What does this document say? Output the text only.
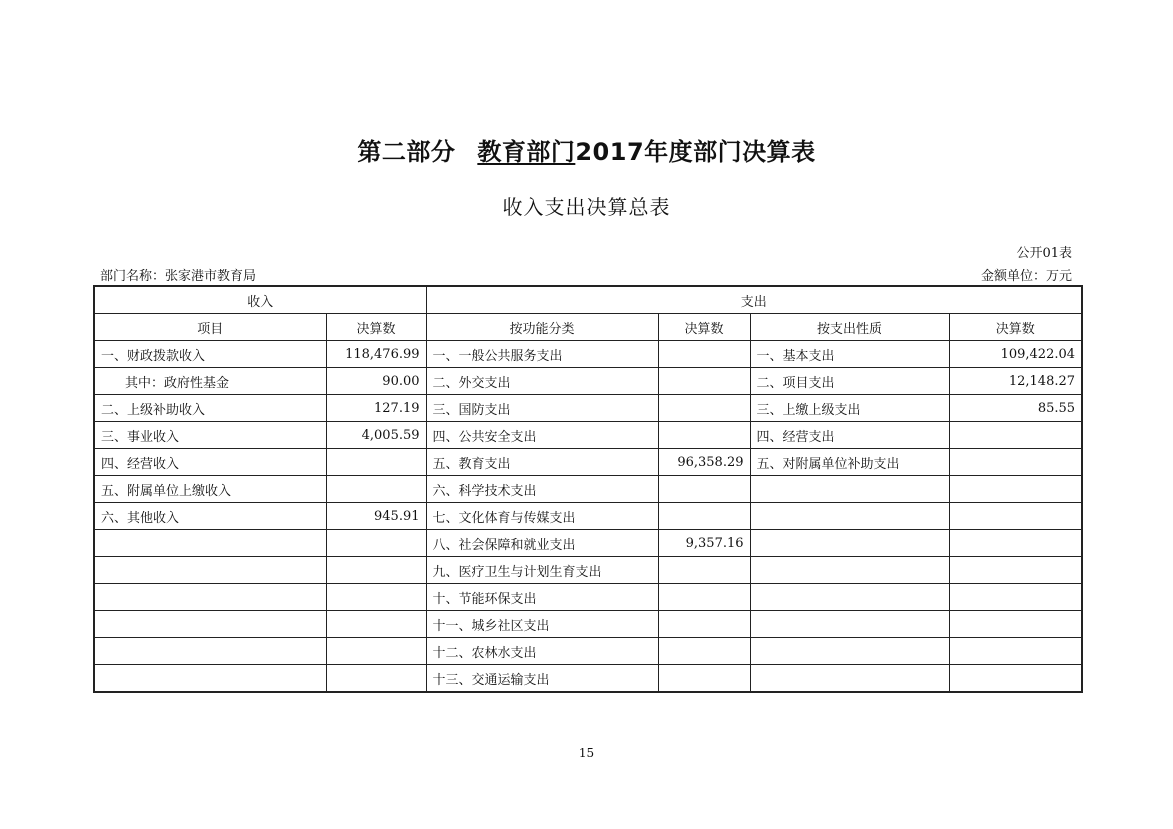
第二部分 教育部门2017年度部门决算表
收入支出决算总表
公开01表
部门名称：张家港市教育局	金额单位：万元
收入		支出			
项目	决算数	按功能分类	决算数	按支出性质	决算数
一、财政拨款收入	118,476.99	一、一般公共服务支出		一、基本支出	109,422.04
其中：政府性基金	90.00	二、外交支出		二、项目支出	12,148.27
二、上级补助收入	127.19	三、国防支出		三、上缴上级支出	85.55
三、事业收入	4,005.59	四、公共安全支出		四、经营支出	
四、经营收入		五、教育支出	96,358.29	五、对附属单位补助支出	
五、附属单位上缴收入		六、科学技术支出			
六、其他收入	945.91	七、文化体育与传媒支出			
		八、社会保障和就业支出	9,357.16		
		九、医疗卫生与计划生育支出			
		十、节能环保支出			
		十一、城乡社区支出			
		十二、农林水支出			
		十三、交通运输支出			
15
